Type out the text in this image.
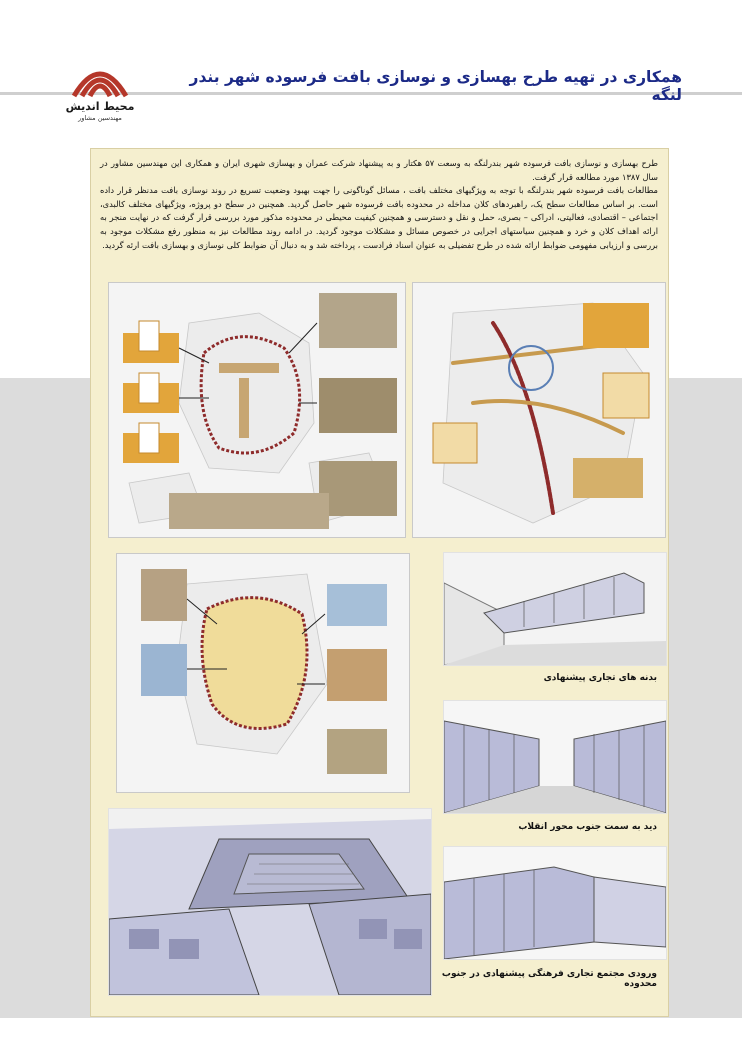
محیط اندیش
مهندسین مشاور
همکاری در تهیه طرح بهسازی و نوسازی بافت فرسوده شهر بندر لنگه

طرح بهسازی و نوسازی بافت فرسوده شهر بندرلنگه به وسعت ۵۷ هکتار و به پیشنهاد شرکت عمران و بهسازی شهری ایران و همکاری این مهندسین مشاور در سال ۱۳۸۷ مورد مطالعه قرار گرفت.

مطالعات بافت فرسوده شهر بندرلنگه با توجه به ویژگیهای مختلف بافت ، مسائل گوناگونی را جهت بهبود وضعیت تسریع در روند نوسازی بافت مدنظر قرار داده است. بر اساس مطالعات سطح یک، راهبردهای کلان مداخله در محدوده بافت فرسوده شهر حاصل گردید. همچنین در سطح دو پروژه، ویژگیهای مختلف کالبدی، اجتماعی – اقتصادی، فعالیتی، ادراکی – بصری، حمل و نقل و دسترسی و همچنین کیفیت محیطی در محدوده مذکور مورد بررسی قرار گرفت که در نهایت منجر به ارائه اهداف کلان و خرد و همچنین سیاستهای اجرایی در خصوص مسائل و مشکلات موجود گردید. در ادامه روند مطالعات نیز به منظور رفع مشکلات موجود به بررسی و ارزیابی مفهومی ضوابط ارائه شده در طرح تفضیلی به عنوان اسناد فرادست ، پرداخته شد و به دنبال آن ضوابط کلی نوسازی و بهسازی بافت ارئه گردید.

بدنه های تجاری پیشنهادی
دید به سمت جنوب محور انقلاب
ورودی مجتمع تجاری فرهنگی پیشنهادی در جنوب محدوده
